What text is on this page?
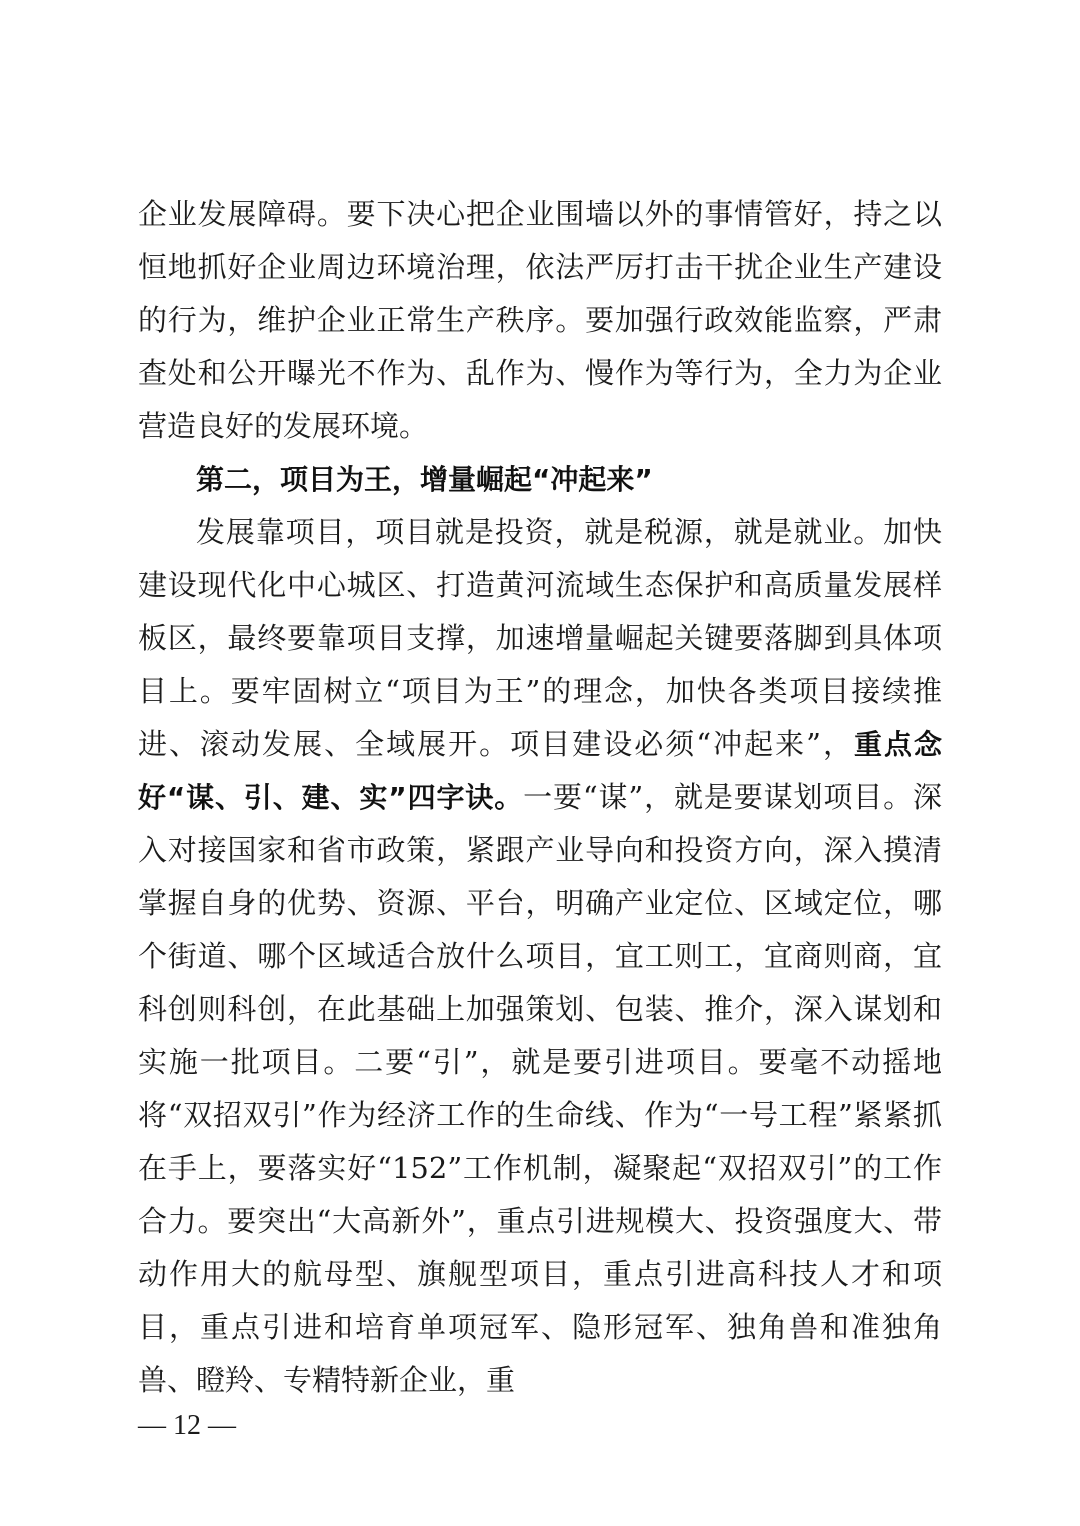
企业发展障碍。要下决心把企业围墙以外的事情管好，持之以恒地抓好企业周边环境治理，依法严厉打击干扰企业生产建设的行为，维护企业正常生产秩序。要加强行政效能监察，严肃查处和公开曝光不作为、乱作为、慢作为等行为，全力为企业营造良好的发展环境。

第二，项目为王，增量崛起“冲起来”

发展靠项目，项目就是投资，就是税源，就是就业。加快建设现代化中心城区、打造黄河流域生态保护和高质量发展样板区，最终要靠项目支撑，加速增量崛起关键要落脚到具体项目上。要牢固树立“项目为王”的理念，加快各类项目接续推进、滚动发展、全域展开。项目建设必须“冲起来”，重点念好“谋、引、建、实”四字诀。一要“谋”，就是要谋划项目。深入对接国家和省市政策，紧跟产业导向和投资方向，深入摸清掌握自身的优势、资源、平台，明确产业定位、区域定位，哪个街道、哪个区域适合放什么项目，宜工则工，宜商则商，宜科创则科创，在此基础上加强策划、包装、推介，深入谋划和实施一批项目。二要“引”，就是要引进项目。要毫不动摇地将“双招双引”作为经济工作的生命线、作为“一号工程”紧紧抓在手上，要落实好“152”工作机制，凝聚起“双招双引”的工作合力。要突出“大高新外”，重点引进规模大、投资强度大、带动作用大的航母型、旗舰型项目，重点引进高科技人才和项目，重点引进和培育单项冠军、隐形冠军、独角兽和准独角兽、瞪羚、专精特新企业，重

— 12 —
